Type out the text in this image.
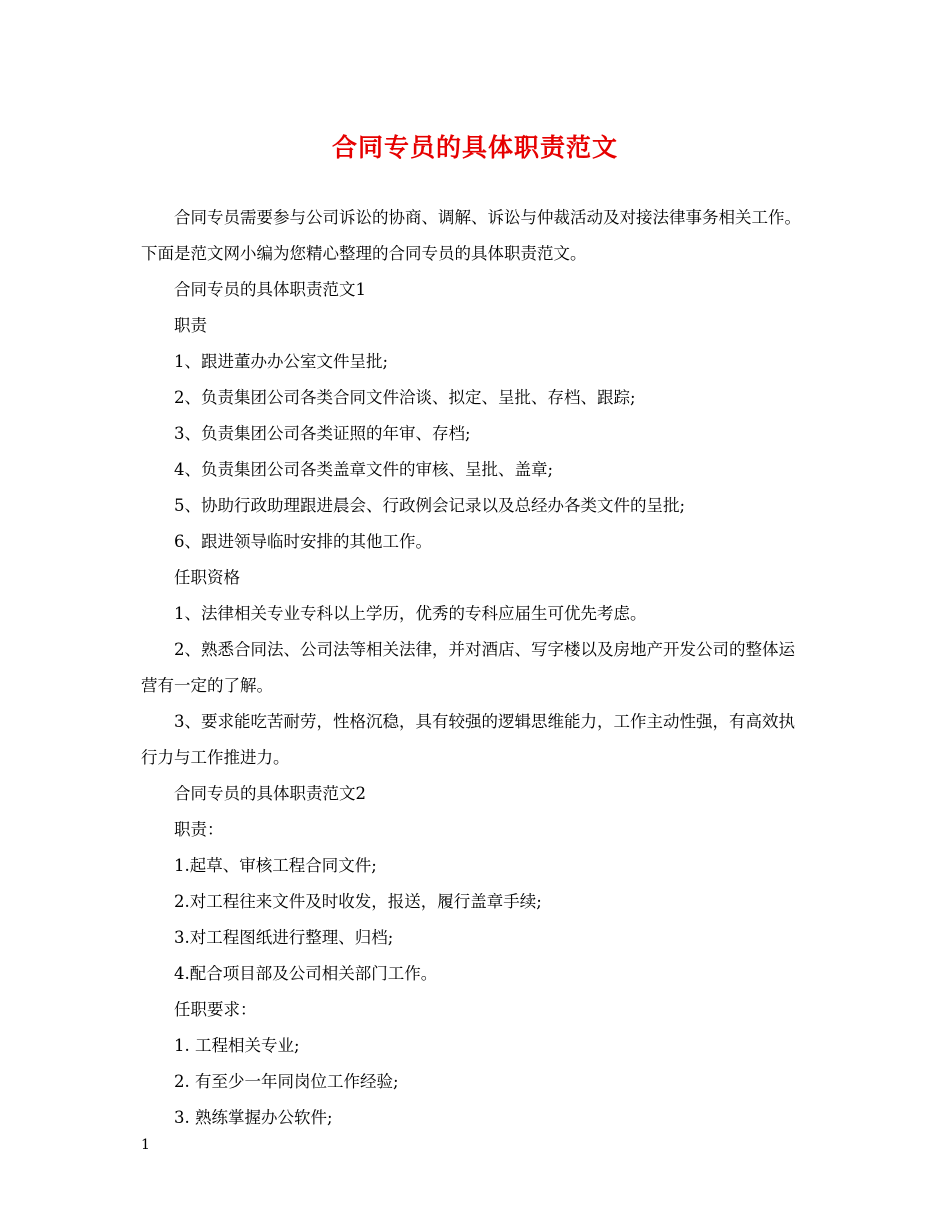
合同专员的具体职责范文

合同专员需要参与公司诉讼的协商、调解、诉讼与仲裁活动及对接法律事务相关工作。下面是范文网小编为您精心整理的合同专员的具体职责范文。

合同专员的具体职责范文1

职责

1、跟进董办办公室文件呈批;

2、负责集团公司各类合同文件洽谈、拟定、呈批、存档、跟踪;

3、负责集团公司各类证照的年审、存档;

4、负责集团公司各类盖章文件的审核、呈批、盖章;

5、协助行政助理跟进晨会、行政例会记录以及总经办各类文件的呈批;

6、跟进领导临时安排的其他工作。

任职资格

1、法律相关专业专科以上学历，优秀的专科应届生可优先考虑。

2、熟悉合同法、公司法等相关法律，并对酒店、写字楼以及房地产开发公司的整体运营有一定的了解。

3、要求能吃苦耐劳，性格沉稳，具有较强的逻辑思维能力，工作主动性强，有高效执行力与工作推进力。

合同专员的具体职责范文2

职责：

1.起草、审核工程合同文件;

2.对工程往来文件及时收发，报送，履行盖章手续;

3.对工程图纸进行整理、归档;

4.配合项目部及公司相关部门工作。

任职要求：

1. 工程相关专业;

2. 有至少一年同岗位工作经验;

3. 熟练掌握办公软件;

1
